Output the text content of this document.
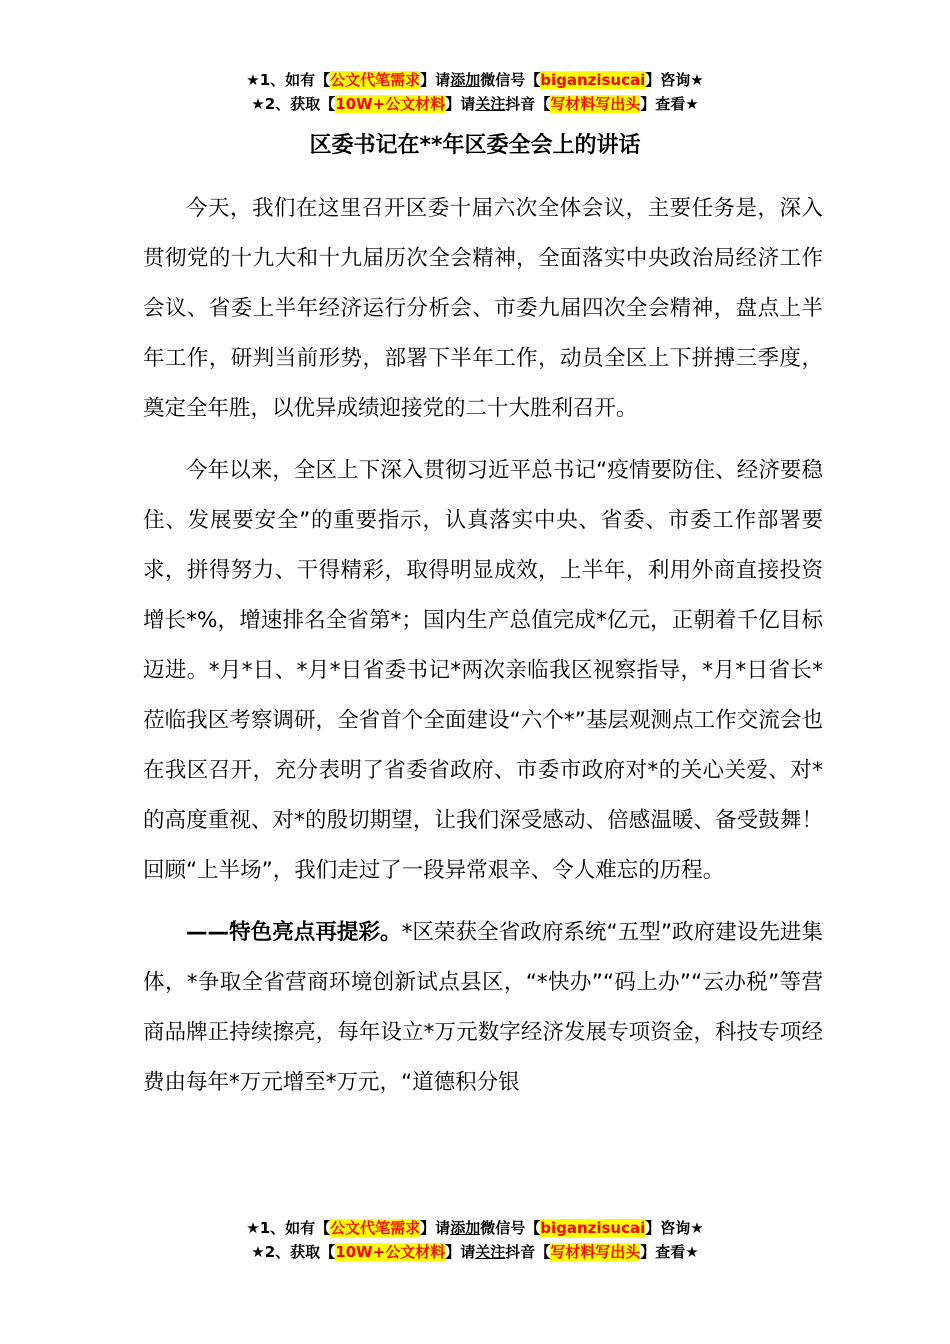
★1、如有【公文代笔需求】请添加微信号【biganzisucai】咨询★
★2、获取【10W+公文材料】请关注抖音【写材料写出头】查看★
区委书记在**年区委全会上的讲话

今天，我们在这里召开区委十届六次全体会议，主要任务是，深入贯彻党的十九大和十九届历次全会精神，全面落实中央政治局经济工作会议、省委上半年经济运行分析会、市委九届四次全会精神，盘点上半年工作，研判当前形势，部署下半年工作，动员全区上下拼搏三季度，奠定全年胜，以优异成绩迎接党的二十大胜利召开。

今年以来，全区上下深入贯彻习近平总书记“疫情要防住、经济要稳住、发展要安全”的重要指示，认真落实中央、省委、市委工作部署要求，拼得努力、干得精彩，取得明显成效，上半年，利用外商直接投资增长*%，增速排名全省第*；国内生产总值完成*亿元，正朝着千亿目标迈进。*月*日、*月*日省委书记*两次亲临我区视察指导，*月*日省长*莅临我区考察调研，全省首个全面建设“六个*”基层观测点工作交流会也在我区召开，充分表明了省委省政府、市委市政府对*的关心关爱、对*的高度重视、对*的殷切期望，让我们深受感动、倍感温暖、备受鼓舞！回顾“上半场”，我们走过了一段异常艰辛、令人难忘的历程。

——特色亮点再提彩。*区荣获全省政府系统“五型”政府建设先进集体，*争取全省营商环境创新试点县区，“*快办”“码上办”“云办税”等营商品牌正持续擦亮，每年设立*万元数字经济发展专项资金，科技专项经费由每年*万元增至*万元，“道德积分银

★1、如有【公文代笔需求】请添加微信号【biganzisucai】咨询★
★2、获取【10W+公文材料】请关注抖音【写材料写出头】查看★
